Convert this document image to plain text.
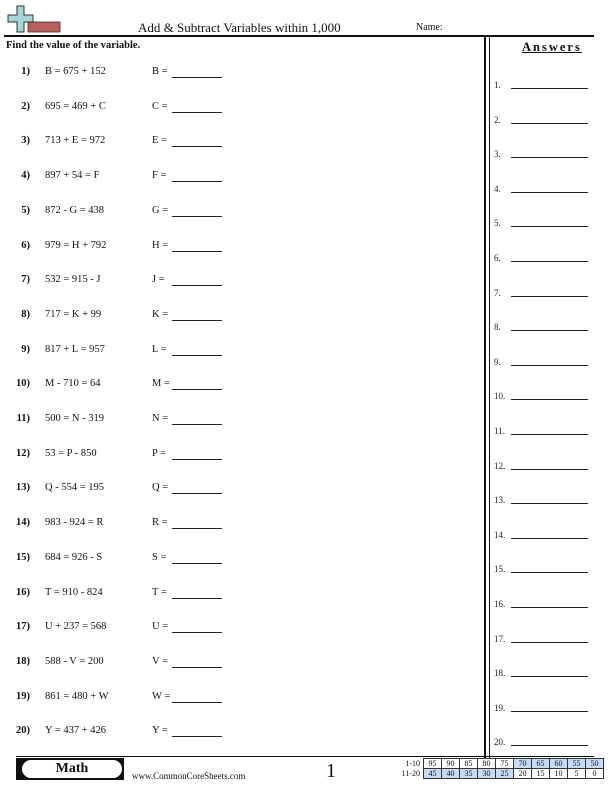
Add & Subtract Variables within 1,000	Name:
Find the value of the variable.	Answers
1) B = 675 + 152	B =
2) 695 = 469 + C	C =
3) 713 + E = 972	E =
4) 897 + 54 = F	F =
5) 872 - G = 438	G =
6) 979 = H + 792	H =
7) 532 = 915 - J	J =
8) 717 = K + 99	K =
9) 817 + L = 957	L =
10) M - 710 = 64	M =
11) 500 = N - 319	N =
12) 53 = P - 850	P =
13) Q - 554 = 195	Q =
14) 983 - 924 = R	R =
15) 684 = 926 - S	S =
16) T = 910 - 824	T =
17) U + 237 = 568	U =
18) 588 - V = 200	V =
19) 861 = 480 + W	W =
20) Y = 437 + 426	Y =
1.
2.
3.
4.
5.
6.
7.
8.
9.
10.
11.
12.
13.
14.
15.
16.
17.
18.
19.
20.
Math	www.CommonCoreSheets.com	1	1-10	95	90	85	80	75	70	65	60	55	50
11-20	45	40	35	30	25	20	15	10	5	0
